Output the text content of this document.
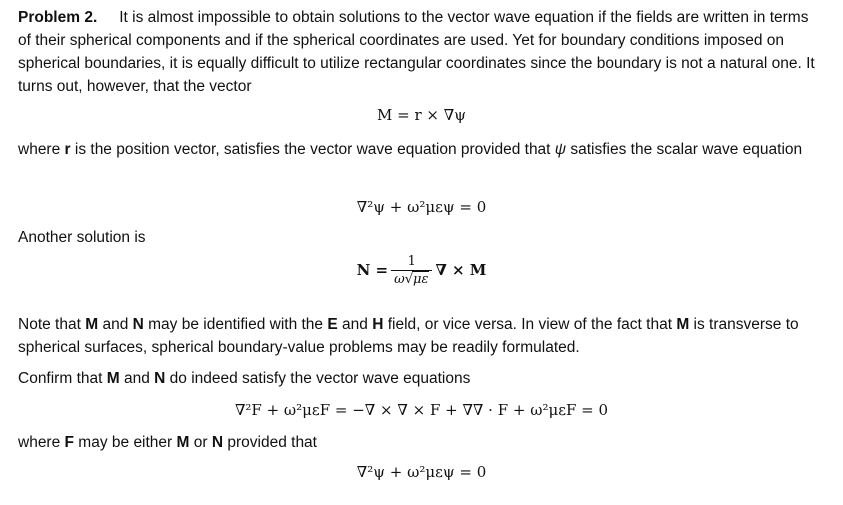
Problem 2. It is almost impossible to obtain solutions to the vector wave equation if the fields are written in terms of their spherical components and if the spherical coordinates are used. Yet for boundary conditions imposed on spherical boundaries, it is equally difficult to utilize rectangular coordinates since the boundary is not a natural one. It turns out, however, that the vector

M = r × ∇ψ

where r is the position vector, satisfies the vector wave equation provided that ψ satisfies the scalar wave equation

∇²ψ + ω²μεψ = 0

Another solution is

$N = \frac{1}{\omega√\mu\varepsilon}$ ∇ × M

Note that M and N may be identified with the E and H field, or vice versa. In view of the fact that M is transverse to spherical surfaces, spherical boundary-value problems may be readily formulated.

Confirm that M and N do indeed satisfy the vector wave equations

∇²F + ω²μεF = −∇ × ∇ × F + ∇∇ · F + ω²μεF = 0

where F may be either M or N provided that

∇²ψ + ω²μεψ = 0
